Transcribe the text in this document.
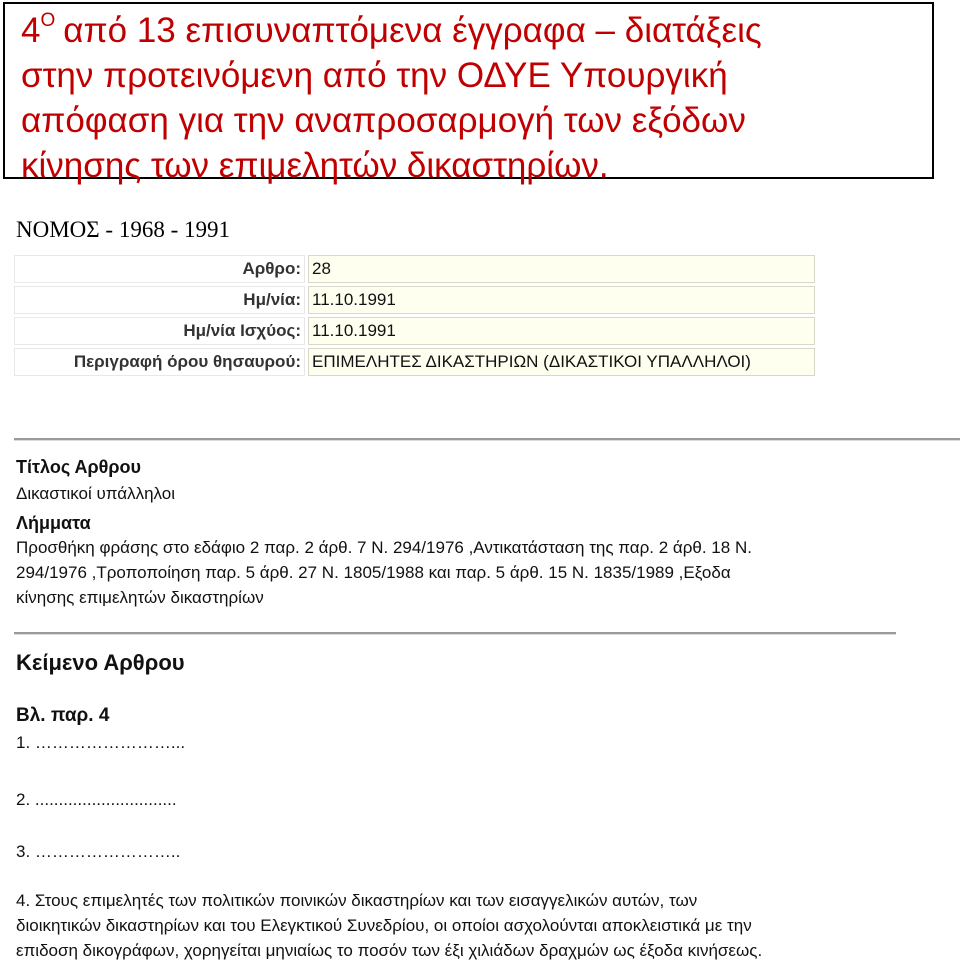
$4^O$ από 13 επισυναπτόμενα έγγραφα – διατάξεις
στην προτεινόμενη από την ΟΔΥΕ Υπουργική
απόφαση για την αναπροσαρμογή των εξόδων
κίνησης των επιμελητών δικαστηρίων.
ΝΟΜΟΣ - 1968 - 1991
Αρθρο:	28
Ημ/νία:	11.10.1991
Ημ/νία Ισχύος:	11.10.1991
Περιγραφή όρου θησαυρού:	ΕΠΙΜΕΛΗΤΕΣ ΔΙΚΑΣΤΗΡΙΩΝ (ΔΙΚΑΣΤΙΚΟΙ ΥΠΑΛΛΗΛΟΙ)
Τίτλος Αρθρου
Δικαστικοί υπάλληλοι
Λήμματα
Προσθήκη φράσης στο εδάφιο 2 παρ. 2 άρθ. 7 Ν. 294/1976 ,Αντικατάσταση της παρ. 2 άρθ. 18 Ν.
294/1976 ,Τροποποίηση παρ. 5 άρθ. 27 Ν. 1805/1988 και παρ. 5 άρθ. 15 Ν. 1835/1989 ,Εξοδα
κίνησης επιμελητών δικαστηρίων
Κείμενο Αρθρου
Βλ. παρ. 4
1. ……………………...
2. ..............................
3. ……………………..
4. Στους επιμελητές των πολιτικών ποινικών δικαστηρίων και των εισαγγελικών αυτών, των
διοικητικών δικαστηρίων και του Ελεγκτικού Συνεδρίου, οι οποίοι ασχολούνται αποκλειστικά με την
επιδοση δικογράφων, χορηγείται μηνιαίως το ποσόν των έξι χιλιάδων δραχμών ως έξοδα κινήσεως.
